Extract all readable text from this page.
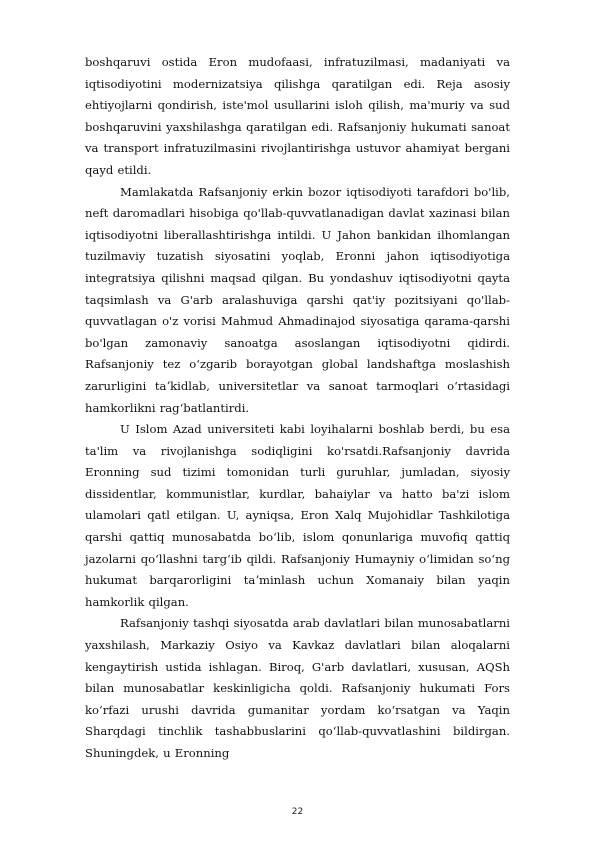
boshqaruvi ostida Eron mudofaasi, infratuzilmasi, madaniyati va iqtisodiyotini modernizatsiya qilishga qaratilgan edi. Reja asosiy ehtiyojlarni qondirish, iste'mol usullarini isloh qilish, ma'muriy va sud boshqaruvini yaxshilashga qaratilgan edi. Rafsanjoniy hukumati sanoat va transport infratuzilmasini rivojlantirishga ustuvor ahamiyat bergani qayd etildi.

Mamlakatda Rafsanjoniy erkin bozor iqtisodiyoti tarafdori bo'lib, neft daromadlari hisobiga qo'llab-quvvatlanadigan davlat xazinasi bilan iqtisodiyotni liberallashtirishga intildi. U Jahon bankidan ilhomlangan tuzilmaviy tuzatish siyosatini yoqlab, Eronni jahon iqtisodiyotiga integratsiya qilishni maqsad qilgan. Bu yondashuv iqtisodiyotni qayta taqsimlash va G'arb aralashuviga qarshi qat'iy pozitsiyani qo'llab-quvvatlagan o'z vorisi Mahmud Ahmadinajod siyosatiga qarama-qarshi bo'lgan zamonaviy sanoatga asoslangan iqtisodiyotni qidirdi. Rafsanjoniy tez oʻzgarib borayotgan global landshaftga moslashish zarurligini taʼkidlab, universitetlar va sanoat tarmoqlari oʻrtasidagi hamkorlikni ragʻbatlantirdi.

U Islom Azad universiteti kabi loyihalarni boshlab berdi, bu esa ta'lim va rivojlanishga sodiqligini ko'rsatdi.Rafsanjoniy davrida Eronning sud tizimi tomonidan turli guruhlar, jumladan, siyosiy dissidentlar, kommunistlar, kurdlar, bahaiylar va hatto ba'zi islom ulamolari qatl etilgan. U, ayniqsa, Eron Xalq Mujohidlar Tashkilotiga qarshi qattiq munosabatda bo‘lib, islom qonunlariga muvofiq qattiq jazolarni qo‘llashni targ‘ib qildi. Rafsanjoniy Humayniy oʻlimidan soʻng hukumat barqarorligini taʼminlash uchun Xomanaiy bilan yaqin hamkorlik qilgan.

Rafsanjoniy tashqi siyosatda arab davlatlari bilan munosabatlarni yaxshilash, Markaziy Osiyo va Kavkaz davlatlari bilan aloqalarni kengaytirish ustida ishlagan. Biroq, G'arb davlatlari, xususan, AQSh bilan munosabatlar keskinligicha qoldi. Rafsanjoniy hukumati Fors ko‘rfazi urushi davrida gumanitar yordam ko‘rsatgan va Yaqin Sharqdagi tinchlik tashabbuslarini qo‘llab-quvvatlashini bildirgan. Shuningdek, u Eronning

22
